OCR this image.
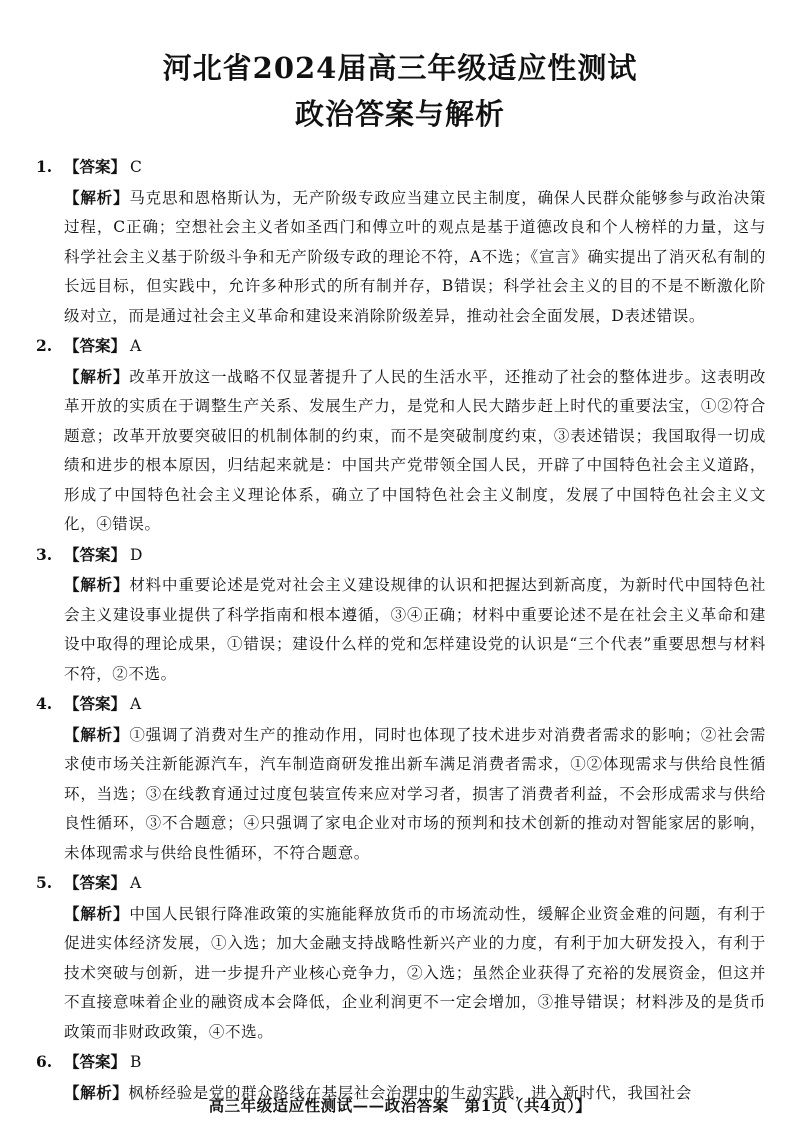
河北省2024届高三年级适应性测试
政治答案与解析
1. 【答案】 C
【解析】马克思和恩格斯认为，无产阶级专政应当建立民主制度，确保人民群众能够参与政治决策过程，C正确；空想社会主义者如圣西门和傅立叶的观点是基于道德改良和个人榜样的力量，这与科学社会主义基于阶级斗争和无产阶级专政的理论不符，A不选；《宣言》确实提出了消灭私有制的长远目标，但实践中，允许多种形式的所有制并存，B错误；科学社会主义的目的不是不断激化阶级对立，而是通过社会主义革命和建设来消除阶级差异，推动社会全面发展，D表述错误。
2. 【答案】 A
【解析】改革开放这一战略不仅显著提升了人民的生活水平，还推动了社会的整体进步。这表明改革开放的实质在于调整生产关系、发展生产力，是党和人民大踏步赶上时代的重要法宝，①②符合题意；改革开放要突破旧的机制体制的约束，而不是突破制度约束，③表述错误；我国取得一切成绩和进步的根本原因，归结起来就是：中国共产党带领全国人民，开辟了中国特色社会主义道路，形成了中国特色社会主义理论体系，确立了中国特色社会主义制度，发展了中国特色社会主义文化，④错误。
3. 【答案】 D
【解析】材料中重要论述是党对社会主义建设规律的认识和把握达到新高度，为新时代中国特色社会主义建设事业提供了科学指南和根本遵循，③④正确；材料中重要论述不是在社会主义革命和建设中取得的理论成果，①错误；建设什么样的党和怎样建设党的认识是“三个代表”重要思想与材料不符，②不选。
4. 【答案】 A
【解析】①强调了消费对生产的推动作用，同时也体现了技术进步对消费者需求的影响；②社会需求使市场关注新能源汽车，汽车制造商研发推出新车满足消费者需求，①②体现需求与供给良性循环，当选；③在线教育通过过度包装宣传来应对学习者，损害了消费者利益，不会形成需求与供给良性循环，③不合题意；④只强调了家电企业对市场的预判和技术创新的推动对智能家居的影响，未体现需求与供给良性循环，不符合题意。
5. 【答案】 A
【解析】中国人民银行降准政策的实施能释放货币的市场流动性，缓解企业资金难的问题，有利于促进实体经济发展，①入选；加大金融支持战略性新兴产业的力度，有利于加大研发投入，有利于技术突破与创新，进一步提升产业核心竞争力，②入选；虽然企业获得了充裕的发展资金，但这并不直接意味着企业的融资成本会降低，企业利润更不一定会增加，③推导错误；材料涉及的是货币政策而非财政政策，④不选。
6. 【答案】 B
【解析】枫桥经验是党的群众路线在基层社会治理中的生动实践，进入新时代，我国社会
高三年级适应性测试——政治答案　第1页（共4页）】
